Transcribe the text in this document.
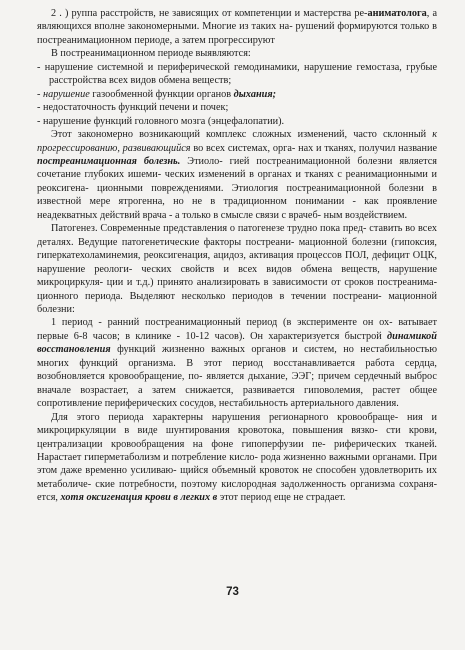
2 . ) руппа расстройств, не зависящих от компетенции и мастерства ре-аниматолога, а являющихся вполне закономерными. Многие из таких на- рушений формируются только в постреанимационном периоде, а затем прогрессируют

В постреанимационном периоде выявляются:

- нарушение системной и периферической гемодинамики, нарушение гемостаза, грубые расстройства всех видов обмена веществ;

- нарушение газообменной функции органов дыхания;

- недостаточность функций печени и почек;

- нарушение функций головного мозга (энцефалопатии).

Этот закономерно возникающий комплекс сложных изменений, часто склонный к прогрессированию, развивающийся во всех системах, орга- нах и тканях, получил название постреанимационная болезнь. Этиоло- гией постреанимационной болезни является сочетание глубоких ишеми- ческих изменений в органах и тканях с реанимационными и реоксигена- ционными повреждениями. Этиология постреанимационной болезни в известной мере ятрогенна, но не в традиционном понимании - как проявление неадекватных действий врача - а только в смысле связи с врачеб- ным воздействием.

Патогенез. Современные представления о патогенезе трудно пока пред- ставить во всех деталях. Ведущие патогенетические факторы постреани- мационной болезни (гипоксия, гиперкатехоламинемия, реоксигенация, ацидоз, активация процессов ПОЛ, дефицит ОЦК, нарушение реологи- ческих свойств и всех видов обмена веществ, нарушение микроциркуля- ции и т.д.) принято анализировать в зависимости от сроков постреанима- ционного периода. Выделяют несколько периодов в течении постреани- мационной болезни:

1 период - ранний постреанимационный период (в эксперименте он ох- ватывает первые 6-8 часов; в клинике - 10-12 часов). Он характеризуется быстрой динамикой восстановления функций жизненно важных органов и систем, но нестабильностью многих функций организма. В этот период восстанавливается работа сердца, возобновляется кровообращение, по- является дыхание, ЭЭГ; причем сердечный выброс вначале возрастает, а затем снижается, развивается гиповолемия, растет общее сопротивление периферических сосудов, нестабильность артериального давления.

Для этого периода характерны нарушения регионарного кровообраще- ния и микроциркуляции в виде шунтирования кровотока, повышения вязко- сти крови, централизации кровообращения на фоне гипоперфузии пе- риферических тканей. Нарастает гиперметаболизм и потребление кисло- рода жизненно важными органами. При этом даже временно усиливаю- щийся объемный кровоток не способен удовлетворить их метаболиче- ские потребности, поэтому кислородная задолженность организма сохраня- ется, хотя оксигенация крови в легких в этот период еще не страдает.

73
